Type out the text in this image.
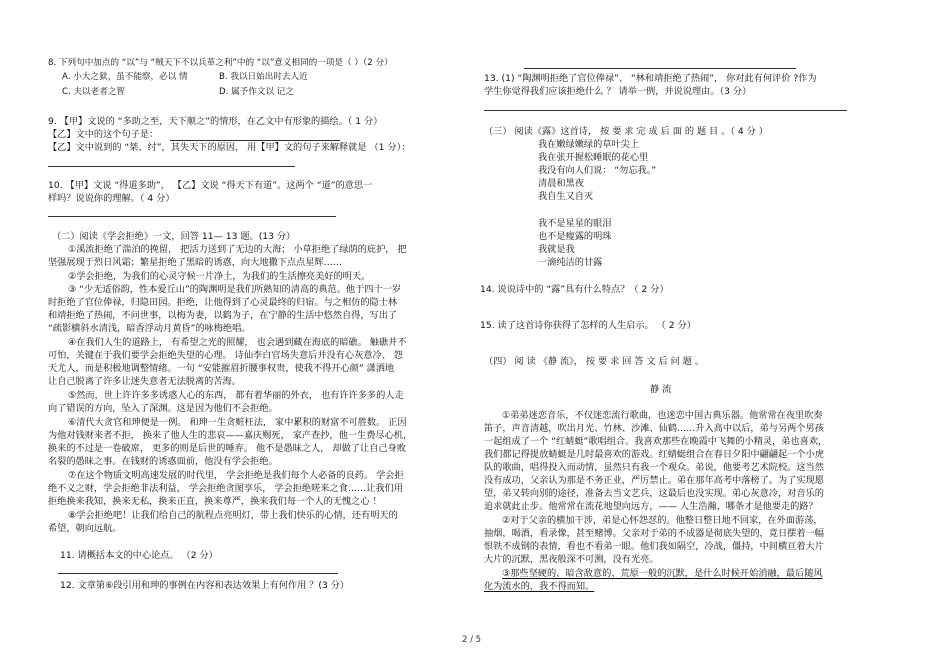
8. 下列句中加点的 “以”与 “贼天下不以兵革之利”中的 “以”意义相同的一项是（ ）（2 分）
A. 小大之狱，虽不能察，必以 情	B. 我以日始出时去人近
C. 夫以老者之智	D. 属予作文以 记之
9. 【甲】文说的 “多助之至，天下顺之”的情形，在乙文中有形象的描绘。（ 1 分）
【乙】文中的这个句子是：
【乙】文中说到的 “桀、纣”，其失天下的原因， 用【甲】文的句子来解释就是 （1 分）：
10. 【甲】文说 “得道多助”， 【乙】文说 “得天下有道”。这两个 “道”的意思一
样吗？说说你的理解。（ 4 分）
（二）阅读《学会拒绝》一文，回答 11— 13 题。(13 分）
①溪流拒绝了湍泊的挽留， 把活力送到了无边的大海； 小草拒绝了绿荫的庇护， 把
坚强展现于烈日风霜；繁星拒绝了黑暗的诱惑，向大地撒下点点星辉……
②学会拒绝，为我们的心灵守候一片净土，为我们的生活擦亮美好的明天。
③ “少无适俗韵，性本爱丘山”的陶渊明是我们所熟知的清高的典范。他于四十一岁
时拒绝了官位俸禄，归隐田园。拒绝，让他得到了心灵最终的归宿。与之相仿的隐士林
和靖拒绝了热闹，不问世事，以梅为妻，以鹤为子，在宁静的生活中悠然自得，写出了
“疏影横斜水清浅，暗香浮动月黄昏”的咏梅绝唱。
④在我们人生的道路上， 有希望之光的照耀， 也会遇到藏在海底的暗礁。 触礁并不
可怕，关键在于我们要学会拒绝失望的心理。 诗仙李白官场失意后并没有心灰意冷、 怨
天尤人，而是积极地调整情绪。一句 “安能摧眉折腰事权贵，使我不得开心颜” 潇洒地
让自己脱离了许多让迷失意者无法脱离的苦海。
⑤然而，世上许许多多诱惑人心的东西， 都有着华丽的外衣， 也有许许多多的人走
向了错误的方向，坠入了深渊。这是因为他们不会拒绝。
⑥清代大贪官和珅便是一例。 和珅一生贪赃枉法， 家中累积的财富不可胜数。 正因
为他对钱财来者不拒， 换来了他人生的悲哀——嘉庆赐死， 家产查抄，他一生费尽心机，
换来的不过是一卷破席， 更多的则是后世的唾弃。 他不是愚昧之人， 却做了让自己身败
名裂的愚昧之事。在钱财的诱惑面前，他没有学会拒绝。
⑦在这个物质文明高速发展的时代里， 学会拒绝是我们每个人必备的良药。 学会拒
绝不义之财，学会拒绝非法利益， 学会拒绝贪图享乐， 学会拒绝嗟来之食……让我们用
拒绝换来我知，换来无私，换来正直，换来尊严，换来我们每一个人的无愧之心 ！
⑧学会拒绝吧！让我们给自己的航程点亮明灯，带上我们快乐的心情，还有明天的
希望，朝向远航。
11. 请概括本文的中心论点。 （2 分）
12. 文章第⑥段引用和珅的事例在内容和表达效果上有何作用 ？(3 分）
13. (1) “陶渊明拒绝了官位俸禄”、 “林和靖拒绝了热闹”， 你对此有何评价 ?作为
学生你觉得我们应该拒绝什么 ？ 请举一例，并说说理由。（3 分）
（三） 阅读《露》这首诗， 按 要 求 完 成 后 面 的 题 目 。（ 4 分 ）
我在嫩绿嫩绿的草叶尖上
我在张开握松睡眠的花心里
我没有向人们说： “勿忘我。”
清晨和黑夜
我自生又自灭
我不是星星的眼泪
也不是瘦露的明珠
我就是我
一滴纯洁的甘露
14. 说说诗中的 “露”具有什么特点？（ 2 分）
15. 读了这首诗你获得了怎样的人生启示。 （ 2 分）
（四） 阅 读 《静 流》， 按 要 求 回 答 文 后 问 题 。
静 流
①弟弟迷恋音乐，不仅迷恋流行歌曲，也迷恋中国古典乐器。他常常在夜里吹奏
笛子，声音清越，吹出月光、竹林、沙滩、仙鹤……升入高中以后，弟与另两个男孩
一起组成了一个 “红蜻蜓”歌唱组合。我喜欢那些在晚霞中飞舞的小精灵，弟也喜欢，
我们都记得提放蜻蜓是几时最喜欢的游戏。红蜻蜓组合在春日夕阳中翩翩起一个小虎
队的歌曲，唱得投入而动情，虽然只有我一个观众。弟说，他要考艺术院校。这当然
没有成功，父亲认为那是不务正业，严厉禁止。弟在那年高考中落榜了。为了实现愿
望，弟又转向别的途径，准备去当文艺兵，这最后也没实现。弟心灰意冷，对音乐的
追求就此止步。他常常在流花地望向远方，—— 人生浩瀚，哪条才是他要走的路？
②对于父亲的横加干涉，弟是心怀怨怼的。他整日整日地不回家，在外面游荡，
抽烟，喝酒，看录像，甚至赌博。父亲对于弟的不成器是彻底失望的，竟日摆着一幅
恨铁不成钢的表情，看也不看弟一眼。他们我如隔空，冷战，僵持，中间横亘着大片
大片的沉默，黑夜般深不可测，没有光亮。
③那些坚硬的、暗含敌意的、荒原一般的沉默，是什么时候开始消融，最后随风
化为流水的，我不得而知。
2 / 5
